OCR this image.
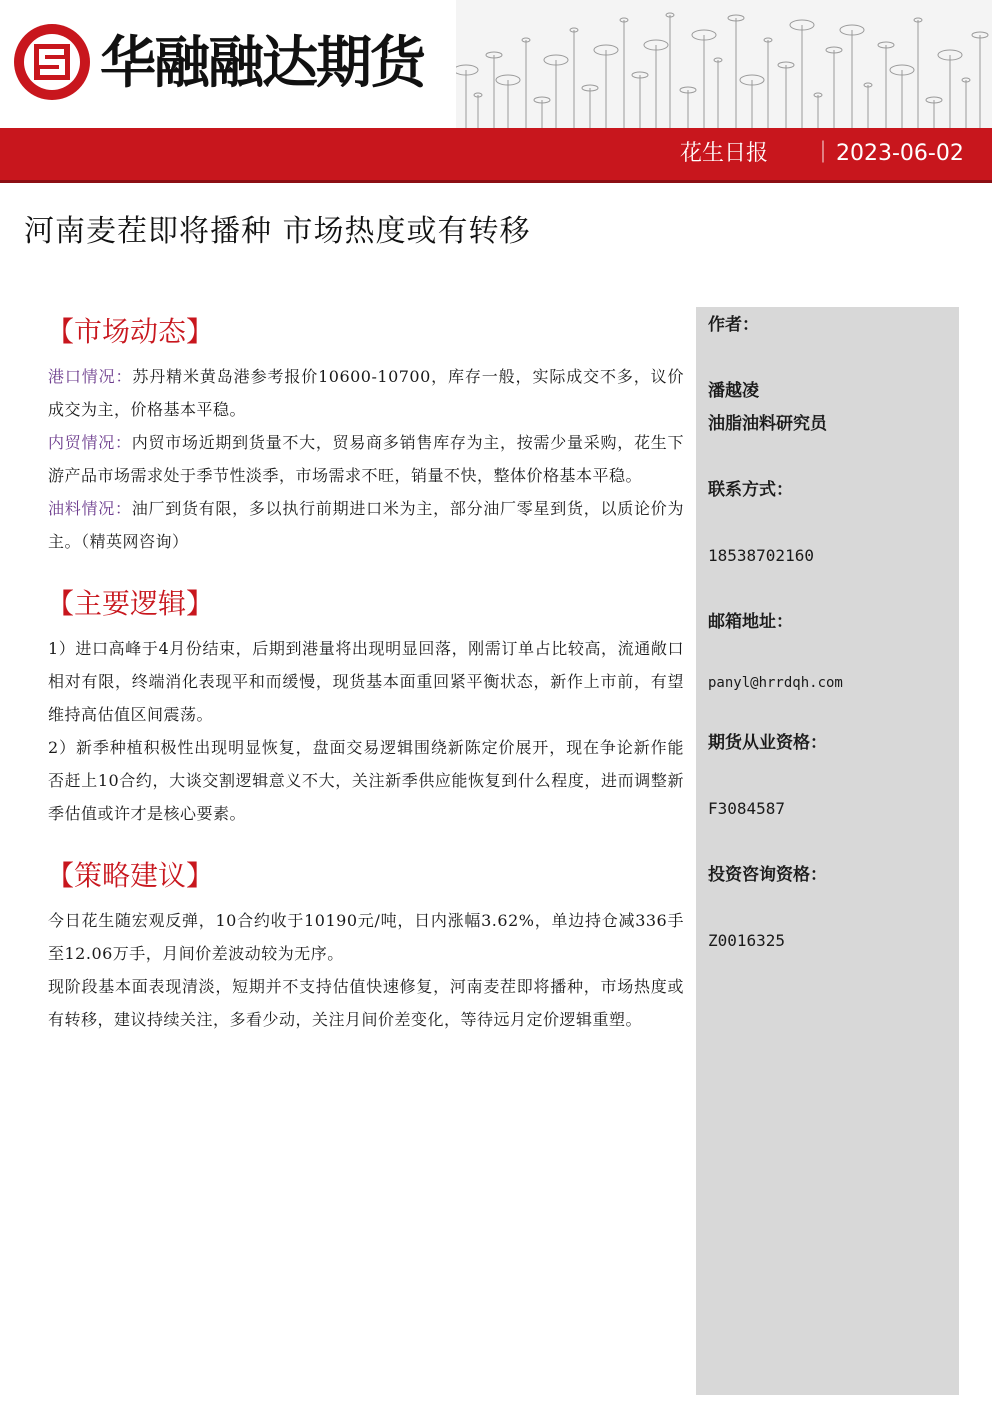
华融融达期货
花生日报 ｜ 2023-06-02
河南麦茬即将播种 市场热度或有转移
【市场动态】

港口情况：苏丹精米黄岛港参考报价10600-10700，库存一般，实际成交不多，议价成交为主，价格基本平稳。

内贸情况：内贸市场近期到货量不大，贸易商多销售库存为主，按需少量采购，花生下游产品市场需求处于季节性淡季，市场需求不旺，销量不快，整体价格基本平稳。

油料情况：油厂到货有限，多以执行前期进口米为主，部分油厂零星到货，以质论价为主。（精英网咨询）

【主要逻辑】

1）进口高峰于4月份结束，后期到港量将出现明显回落，刚需订单占比较高，流通敞口相对有限，终端消化表现平和而缓慢，现货基本面重回紧平衡状态，新作上市前，有望维持高估值区间震荡。

2）新季种植积极性出现明显恢复，盘面交易逻辑围绕新陈定价展开，现在争论新作能否赶上10合约，大谈交割逻辑意义不大，关注新季供应能恢复到什么程度，进而调整新季估值或许才是核心要素。

【策略建议】

今日花生随宏观反弹，10合约收于10190元/吨，日内涨幅3.62%，单边持仓减336手至12.06万手，月间价差波动较为无序。

现阶段基本面表现清淡，短期并不支持估值快速修复，河南麦茬即将播种，市场热度或有转移，建议持续关注，多看少动，关注月间价差变化，等待远月定价逻辑重塑。

作者：
潘越凌
油脂油料研究员
联系方式：
18538702160
邮箱地址：
panyl@hrrdqh.com
期货从业资格：
F3084587
投资咨询资格：
Z0016325
